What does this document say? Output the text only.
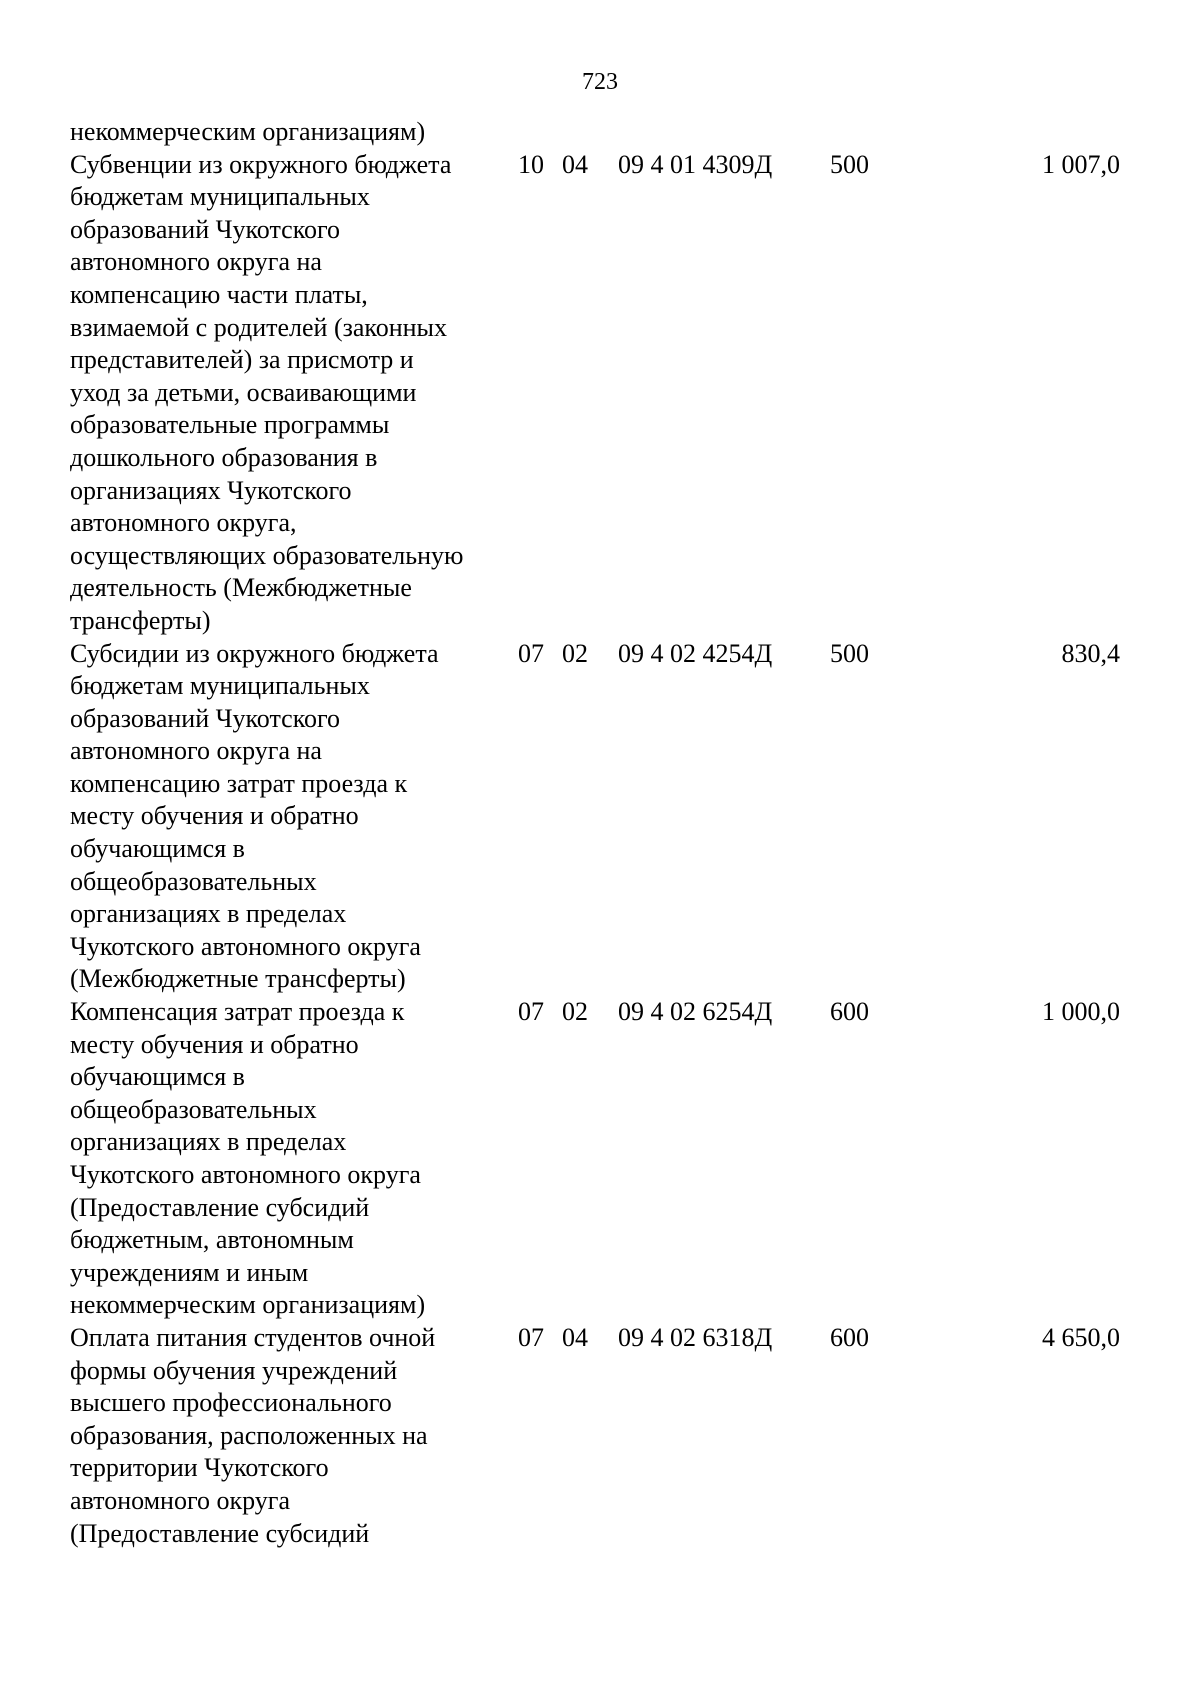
723
некоммерческим организациям)
Субвенции из окружного бюджета
бюджетам муниципальных
образований Чукотского
автономного округа на
компенсацию части платы,
взимаемой с родителей (законных
представителей) за присмотр и
уход за детьми, осваивающими
образовательные программы
дошкольного образования в
организациях Чукотского
автономного округа,
осуществляющих образовательную
деятельность (Межбюджетные
трансферты)
10 04	09 4 01 4309Д	500	1 007,0
Субсидии из окружного бюджета
бюджетам муниципальных
образований Чукотского
автономного округа на
компенсацию затрат проезда к
месту обучения и обратно
обучающимся в
общеобразовательных
организациях в пределах
Чукотского автономного округа
(Межбюджетные трансферты)
07 02	09 4 02 4254Д	500	830,4
Компенсация затрат проезда к
месту обучения и обратно
обучающимся в
общеобразовательных
организациях в пределах
Чукотского автономного округа
(Предоставление субсидий
бюджетным, автономным
учреждениям и иным
некоммерческим организациям)
07 02	09 4 02 6254Д	600	1 000,0
Оплата питания студентов очной
формы обучения учреждений
высшего профессионального
образования, расположенных на
территории Чукотского
автономного округа
(Предоставление субсидий
07 04	09 4 02 6318Д	600	4 650,0
